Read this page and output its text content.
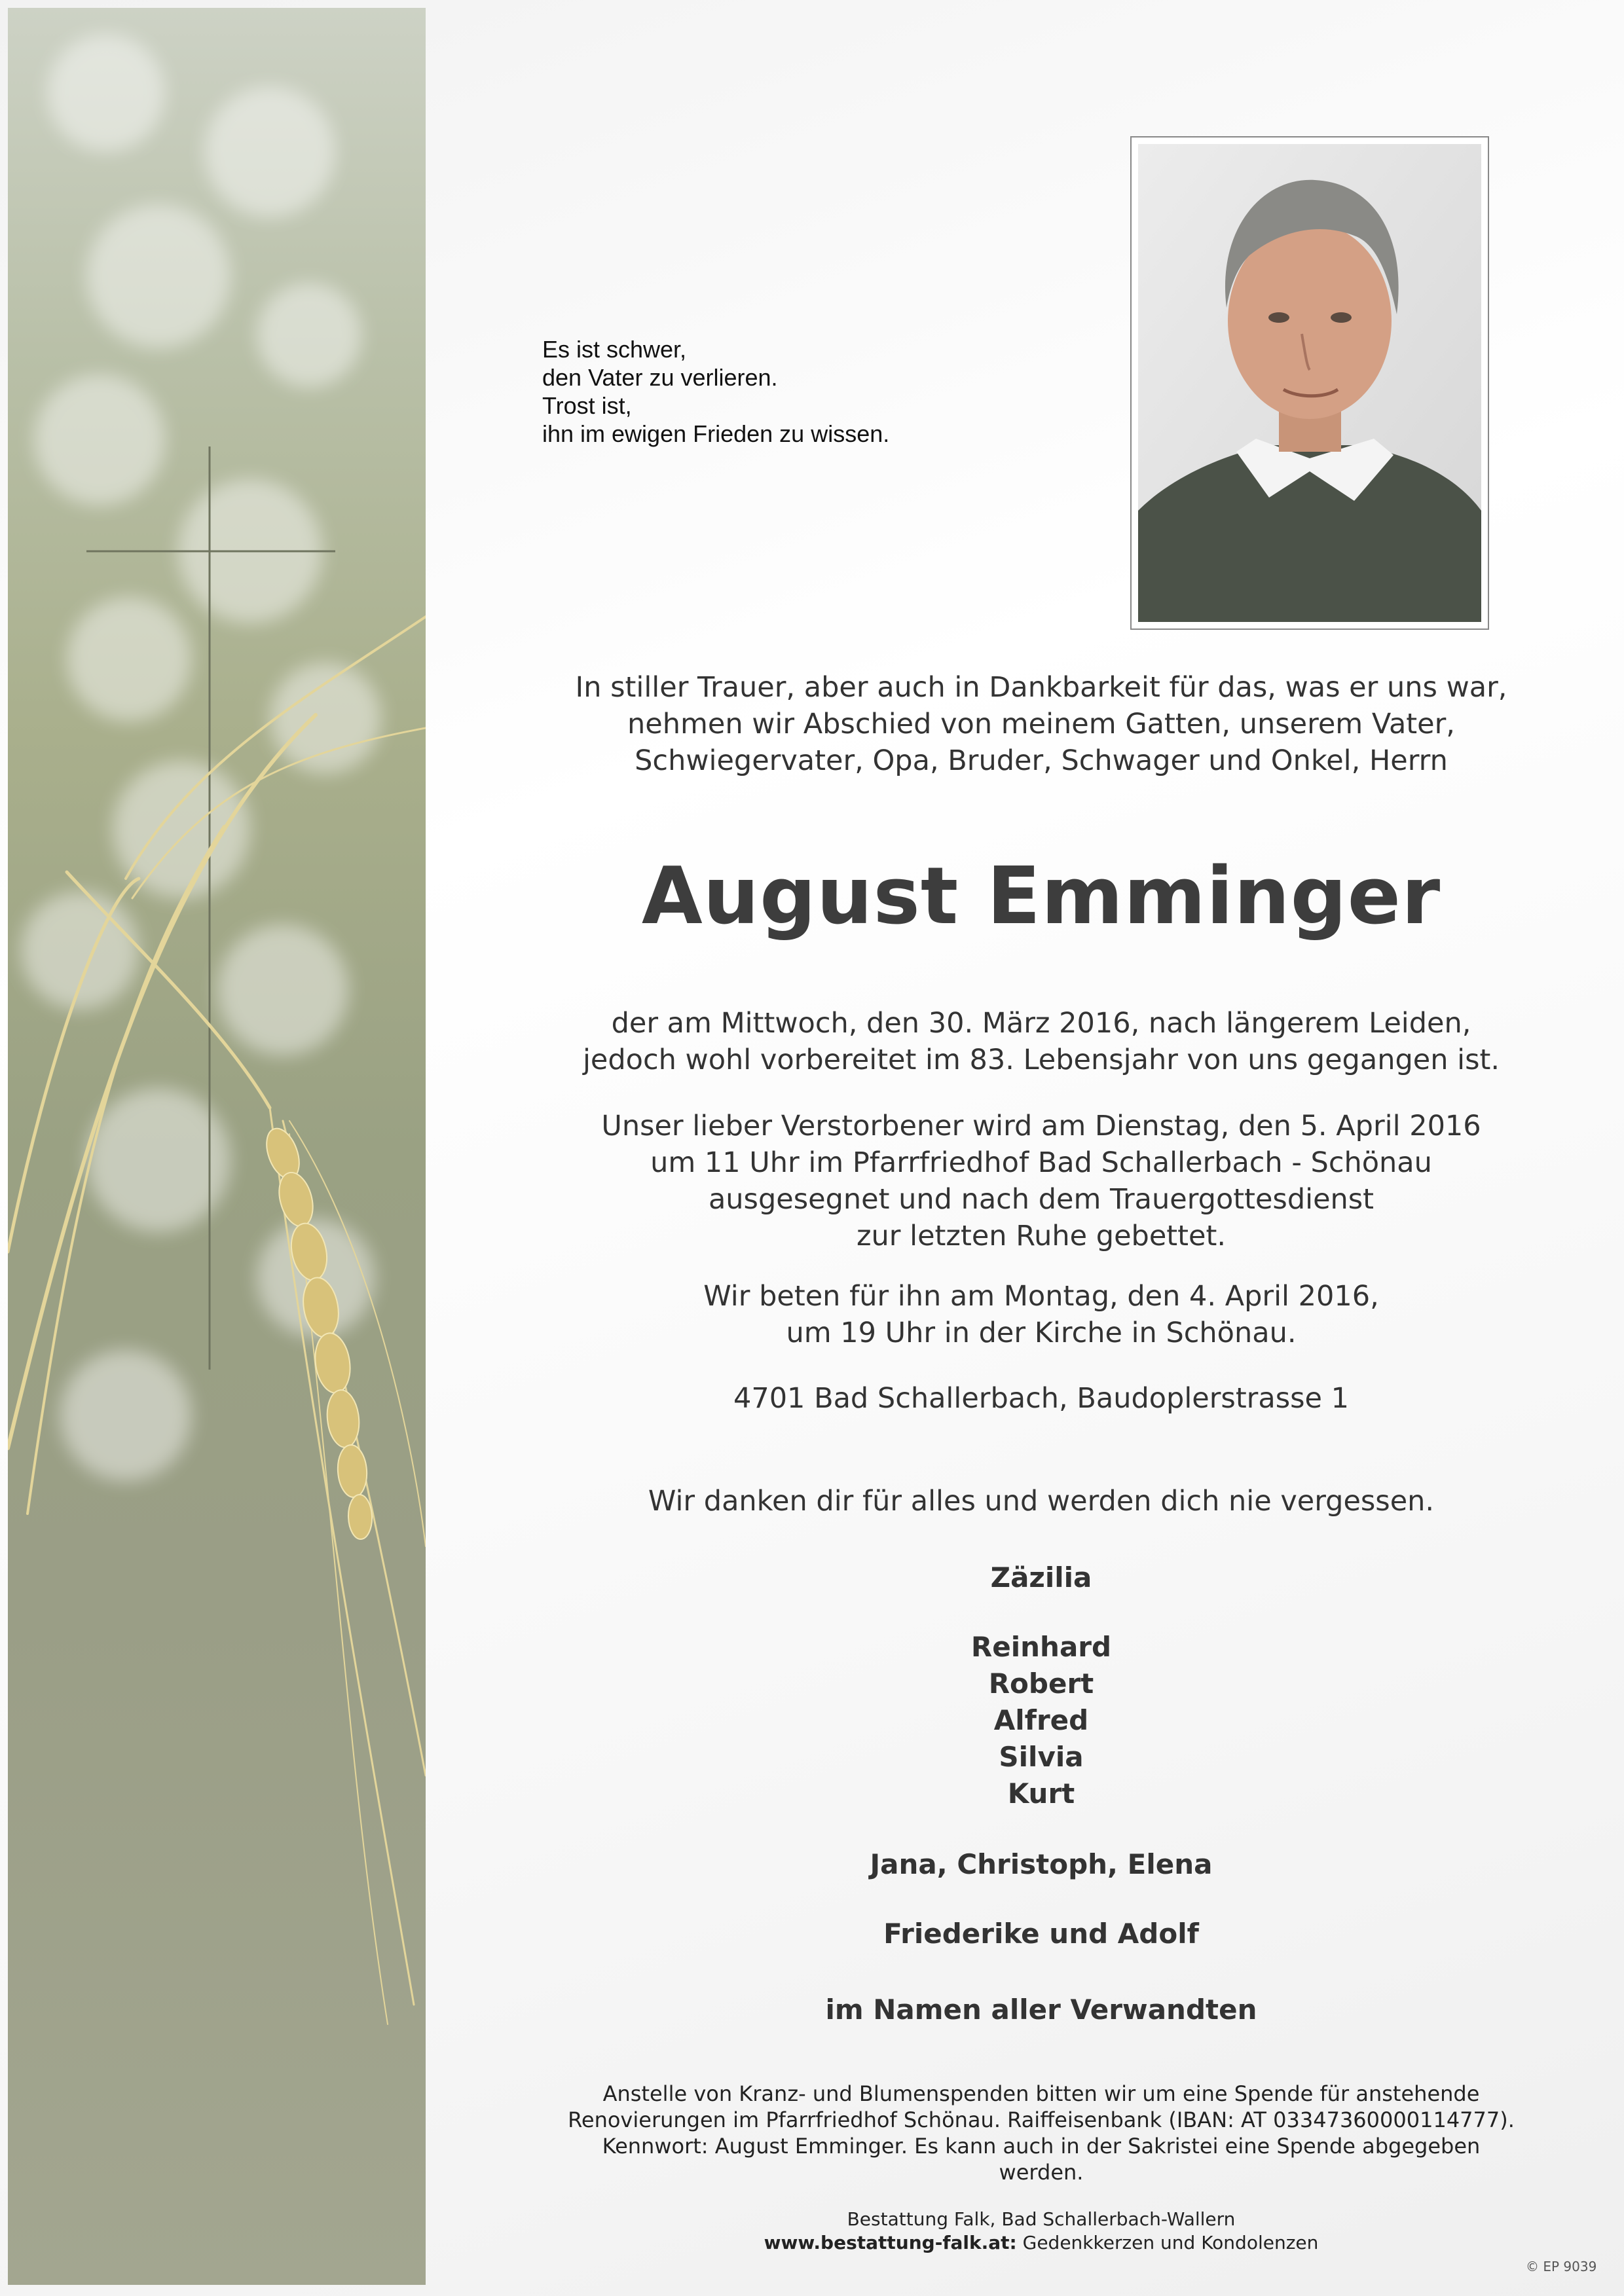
Es ist schwer,

den Vater zu verlieren.

Trost ist,

ihn im ewigen Frieden zu wissen.

In stiller Trauer, aber auch in Dankbarkeit für das, was er uns war,
nehmen wir Abschied von meinem Gatten, unserem Vater,
Schwiegervater, Opa, Bruder, Schwager und Onkel, Herrn
August Emminger
der am Mittwoch, den 30. März 2016, nach längerem Leiden,
jedoch wohl vorbereitet im 83. Lebensjahr von uns gegangen ist.
Unser lieber Verstorbener wird am Dienstag, den 5. April 2016
um 11 Uhr im Pfarrfriedhof Bad Schallerbach - Schönau
ausgesegnet und nach dem Trauergottesdienst
zur letzten Ruhe gebettet.
Wir beten für ihn am Montag, den 4. April 2016,
um 19 Uhr in der Kirche in Schönau.
4701 Bad Schallerbach, Baudoplerstrasse 1
Wir danken dir für alles und werden dich nie vergessen.
Zäzilia

Reinhard

Robert

Alfred

Silvia

Kurt

Jana, Christoph, Elena
Friederike und Adolf
im Namen aller Verwandten

Anstelle von Kranz- und Blumenspenden bitten wir um eine Spende für anstehende

Renovierungen im Pfarrfriedhof Schönau. Raiffeisenbank (IBAN: AT 03347360000114777).

Kennwort: August Emminger. Es kann auch in der Sakristei eine Spende abgegeben

werden.

Bestattung Falk, Bad Schallerbach-Wallern

www.bestattung-falk.at: Gedenkkerzen und Kondolenzen

© EP 9039
